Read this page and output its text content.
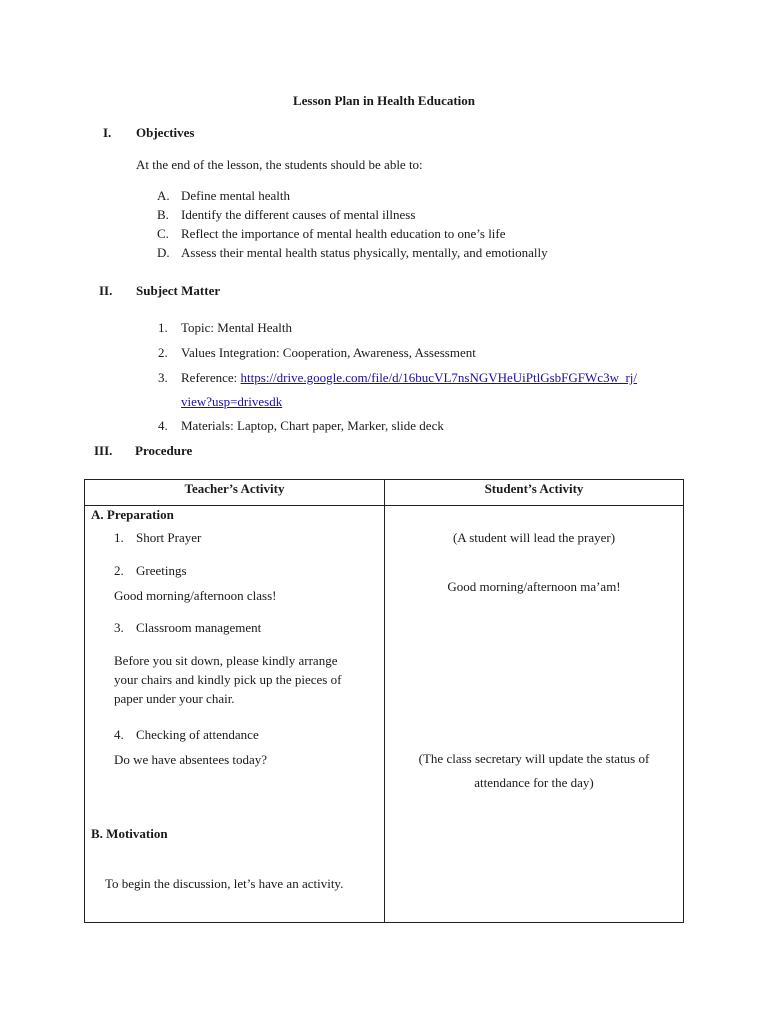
Lesson Plan in Health Education
I. Objectives
At the end of the lesson, the students should be able to:
A. Define mental health
B. Identify the different causes of mental illness
C. Reflect the importance of mental health education to one’s life
D. Assess their mental health status physically, mentally, and emotionally
II. Subject Matter
1. Topic: Mental Health
2. Values Integration: Cooperation, Awareness, Assessment
3. Reference: https://drive.google.com/file/d/16bucVL7nsNGVHeUiPtlGsbFGFWc3w_rj/
view?usp=drivesdk
4. Materials: Laptop, Chart paper, Marker, slide deck
III. Procedure
Teacher’s Activity	Student’s Activity
A. Preparation
1. Short Prayer
2. Greetings
Good morning/afternoon class!
3. Classroom management
Before you sit down, please kindly arrange
your chairs and kindly pick up the pieces of
paper under your chair.
4. Checking of attendance
Do we have absentees today?
B. Motivation
To begin the discussion, let’s have an activity.
(A student will lead the prayer)
Good morning/afternoon ma’am!
(The class secretary will update the status of
attendance for the day)
